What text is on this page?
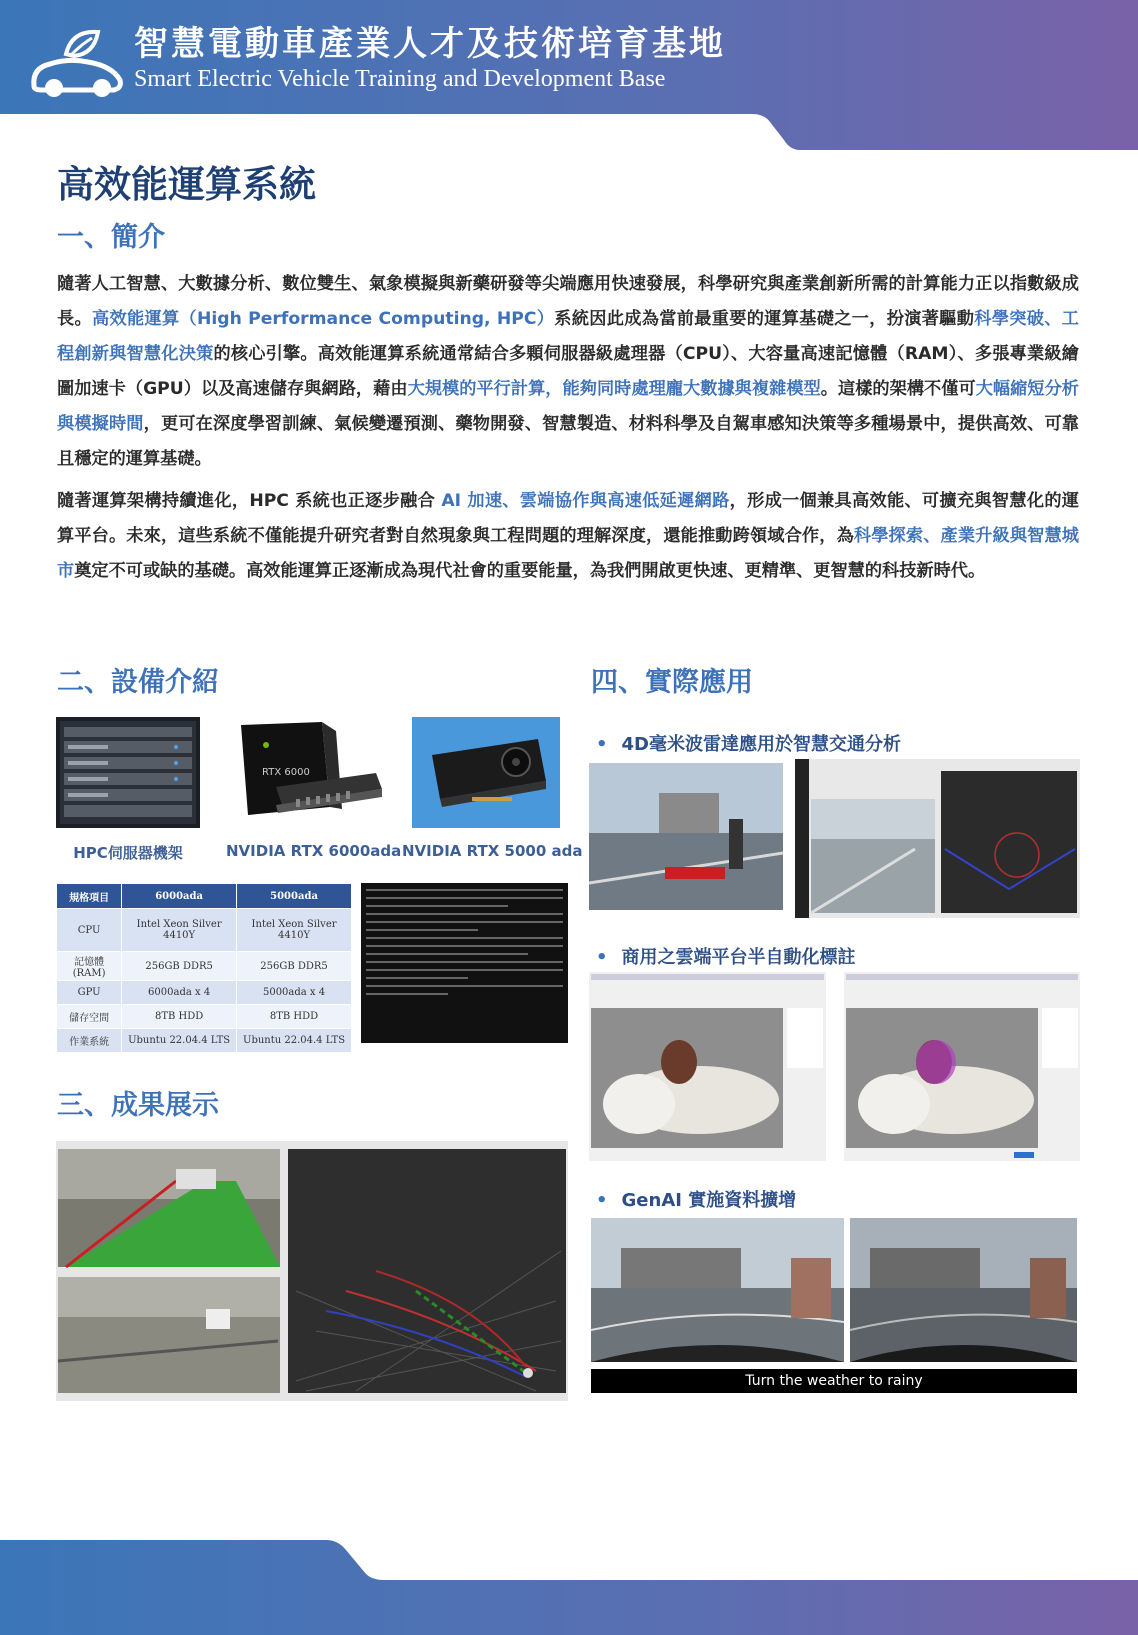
智慧電動車產業人才及技術培育基地
Smart Electric Vehicle Training and Development Base
高效能運算系統
一、簡介
隨著人工智慧、大數據分析、數位雙生、氣象模擬與新藥研發等尖端應用快速發展，科學研究與產業創新所需的計算能力正以指數級成長。高效能運算（High Performance Computing, HPC）系統因此成為當前最重要的運算基礎之一，扮演著驅動科學突破、工程創新與智慧化決策的核心引擎。高效能運算系統通常結合多顆伺服器級處理器（CPU）、大容量高速記憶體（RAM）、多張專業級繪圖加速卡（GPU）以及高速儲存與網路，藉由大規模的平行計算，能夠同時處理龐大數據與複雜模型。這樣的架構不僅可大幅縮短分析與模擬時間，更可在深度學習訓練、氣候變遷預測、藥物開發、智慧製造、材料科學及自駕車感知決策等多種場景中，提供高效、可靠且穩定的運算基礎。
隨著運算架構持續進化，HPC 系統也正逐步融合 AI 加速、雲端協作與高速低延遲網路，形成一個兼具高效能、可擴充與智慧化的運算平台。未來，這些系統不僅能提升研究者對自然現象與工程問題的理解深度，還能推動跨領域合作，為科學探索、產業升級與智慧城市奠定不可或缺的基礎。高效能運算正逐漸成為現代社會的重要能量，為我們開啟更快速、更精準、更智慧的科技新時代。
二、設備介紹
RTX 6000
HPC伺服器機架	NVIDIA RTX 6000ada NVIDIA RTX 5000 ada
規格項目	6000ada	5000ada
CPU	Intel Xeon Silver 4410Y	Intel Xeon Silver 4410Y
記憶體 (RAM)	256GB DDR5	256GB DDR5
GPU	6000ada x 4	5000ada x 4
儲存空間	8TB HDD	8TB HDD
作業系統	Ubuntu 22.04.4 LTS	Ubuntu 22.04.4 LTS
三、成果展示
四、實際應用
• 4D毫米波雷達應用於智慧交通分析
• 商用之雲端平台半自動化標註
• GenAI 實施資料擴增
Turn the weather to rainy
